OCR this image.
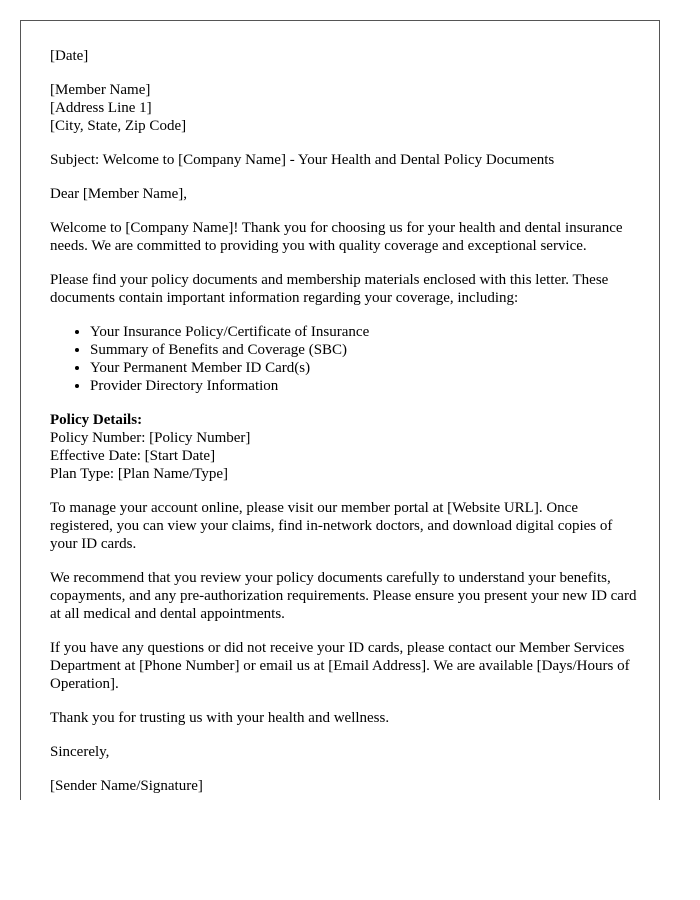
[Date]

[Member Name]
[Address Line 1]
[City, State, Zip Code]

Subject: Welcome to [Company Name] - Your Health and Dental Policy Documents

Dear [Member Name],

Welcome to [Company Name]! Thank you for choosing us for your health and dental insurance needs. We are committed to providing you with quality coverage and exceptional service.

Please find your policy documents and membership materials enclosed with this letter. These documents contain important information regarding your coverage, including:

• Your Insurance Policy/Certificate of Insurance
• Summary of Benefits and Coverage (SBC)
• Your Permanent Member ID Card(s)
• Provider Directory Information
Policy Details:
Policy Number: [Policy Number]
Effective Date: [Start Date]
Plan Type: [Plan Name/Type]

To manage your account online, please visit our member portal at [Website URL]. Once registered, you can view your claims, find in-network doctors, and download digital copies of your ID cards.

We recommend that you review your policy documents carefully to understand your benefits, copayments, and any pre-authorization requirements. Please ensure you present your new ID card at all medical and dental appointments.

If you have any questions or did not receive your ID cards, please contact our Member Services Department at [Phone Number] or email us at [Email Address]. We are available [Days/Hours of Operation].

Thank you for trusting us with your health and wellness.

Sincerely,

[Sender Name/Signature]
